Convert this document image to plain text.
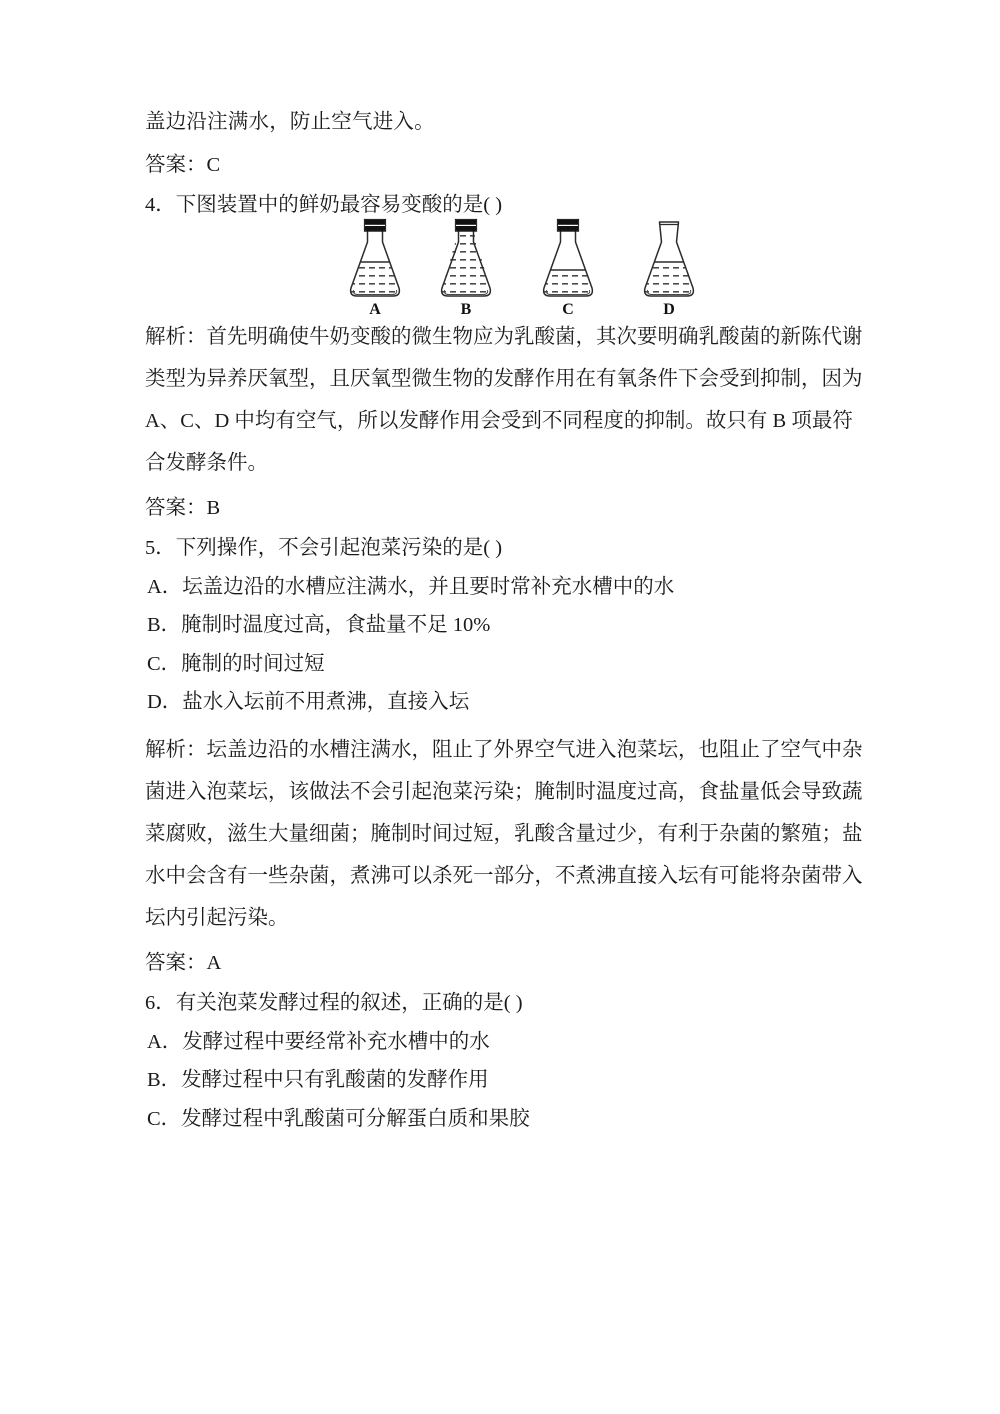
盖边沿注满水，防止空气进入。
答案：C
4．下图装置中的鲜奶最容易变酸的是( )
A	B	C	D
解析：首先明确使牛奶变酸的微生物应为乳酸菌，其次要明确乳酸菌的新陈代谢
类型为异养厌氧型，且厌氧型微生物的发酵作用在有氧条件下会受到抑制，因为
A、C、D 中均有空气，所以发酵作用会受到不同程度的抑制。故只有 B 项最符
合发酵条件。
答案：B
5．下列操作，不会引起泡菜污染的是( )
A．坛盖边沿的水槽应注满水，并且要时常补充水槽中的水
B．腌制时温度过高，食盐量不足 10%
C．腌制的时间过短
D．盐水入坛前不用煮沸，直接入坛
解析：坛盖边沿的水槽注满水，阻止了外界空气进入泡菜坛，也阻止了空气中杂
菌进入泡菜坛，该做法不会引起泡菜污染；腌制时温度过高，食盐量低会导致蔬
菜腐败，滋生大量细菌；腌制时间过短，乳酸含量过少，有利于杂菌的繁殖；盐
水中会含有一些杂菌，煮沸可以杀死一部分，不煮沸直接入坛有可能将杂菌带入
坛内引起污染。
答案：A
6．有关泡菜发酵过程的叙述，正确的是( )
A．发酵过程中要经常补充水槽中的水
B．发酵过程中只有乳酸菌的发酵作用
C．发酵过程中乳酸菌可分解蛋白质和果胶
